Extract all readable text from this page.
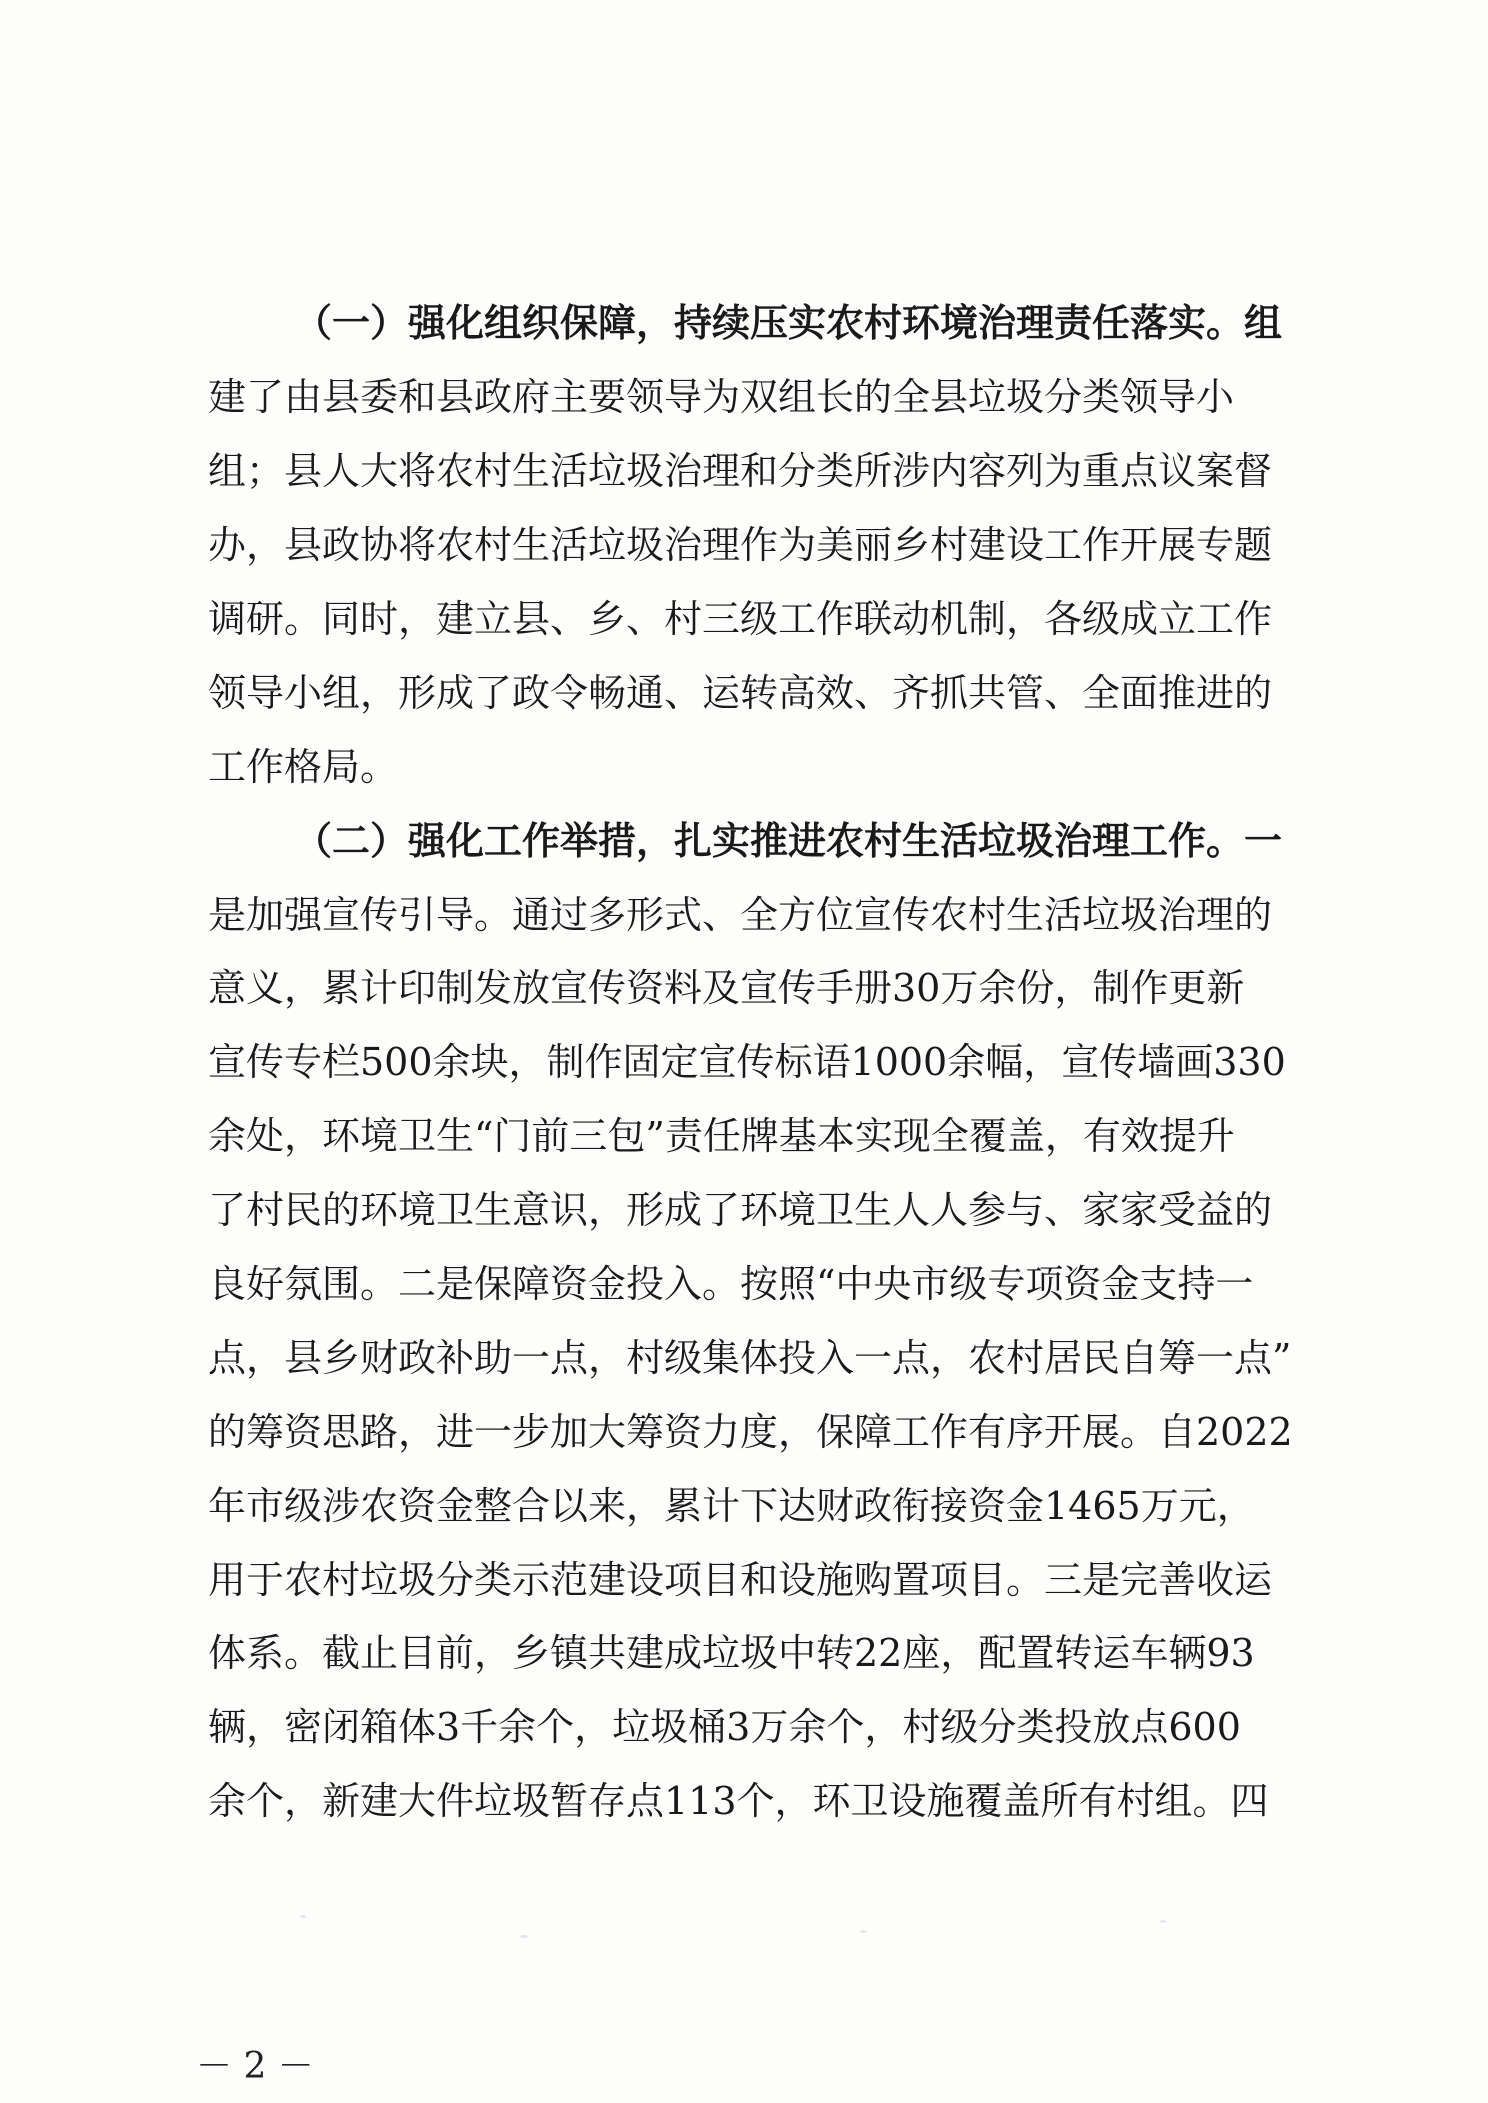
（一）强化组织保障，持续压实农村环境治理责任落实。组
建了由县委和县政府主要领导为双组长的全县垃圾分类领导小
组；县人大将农村生活垃圾治理和分类所涉内容列为重点议案督
办，县政协将农村生活垃圾治理作为美丽乡村建设工作开展专题
调研。同时，建立县、乡、村三级工作联动机制，各级成立工作
领导小组，形成了政令畅通、运转高效、齐抓共管、全面推进的
工作格局。
（二）强化工作举措，扎实推进农村生活垃圾治理工作。一
是加强宣传引导。通过多形式、全方位宣传农村生活垃圾治理的
意义，累计印制发放宣传资料及宣传手册30万余份，制作更新
宣传专栏500余块，制作固定宣传标语1000余幅，宣传墙画330
余处，环境卫生“门前三包”责任牌基本实现全覆盖，有效提升
了村民的环境卫生意识，形成了环境卫生人人参与、家家受益的
良好氛围。二是保障资金投入。按照“中央市级专项资金支持一
点，县乡财政补助一点，村级集体投入一点，农村居民自筹一点”
的筹资思路，进一步加大筹资力度，保障工作有序开展。自2022
年市级涉农资金整合以来，累计下达财政衔接资金1465万元，
用于农村垃圾分类示范建设项目和设施购置项目。三是完善收运
体系。截止目前，乡镇共建成垃圾中转22座，配置转运车辆93
辆，密闭箱体3千余个，垃圾桶3万余个，村级分类投放点600
余个，新建大件垃圾暂存点113个，环卫设施覆盖所有村组。四
－ 2 －
